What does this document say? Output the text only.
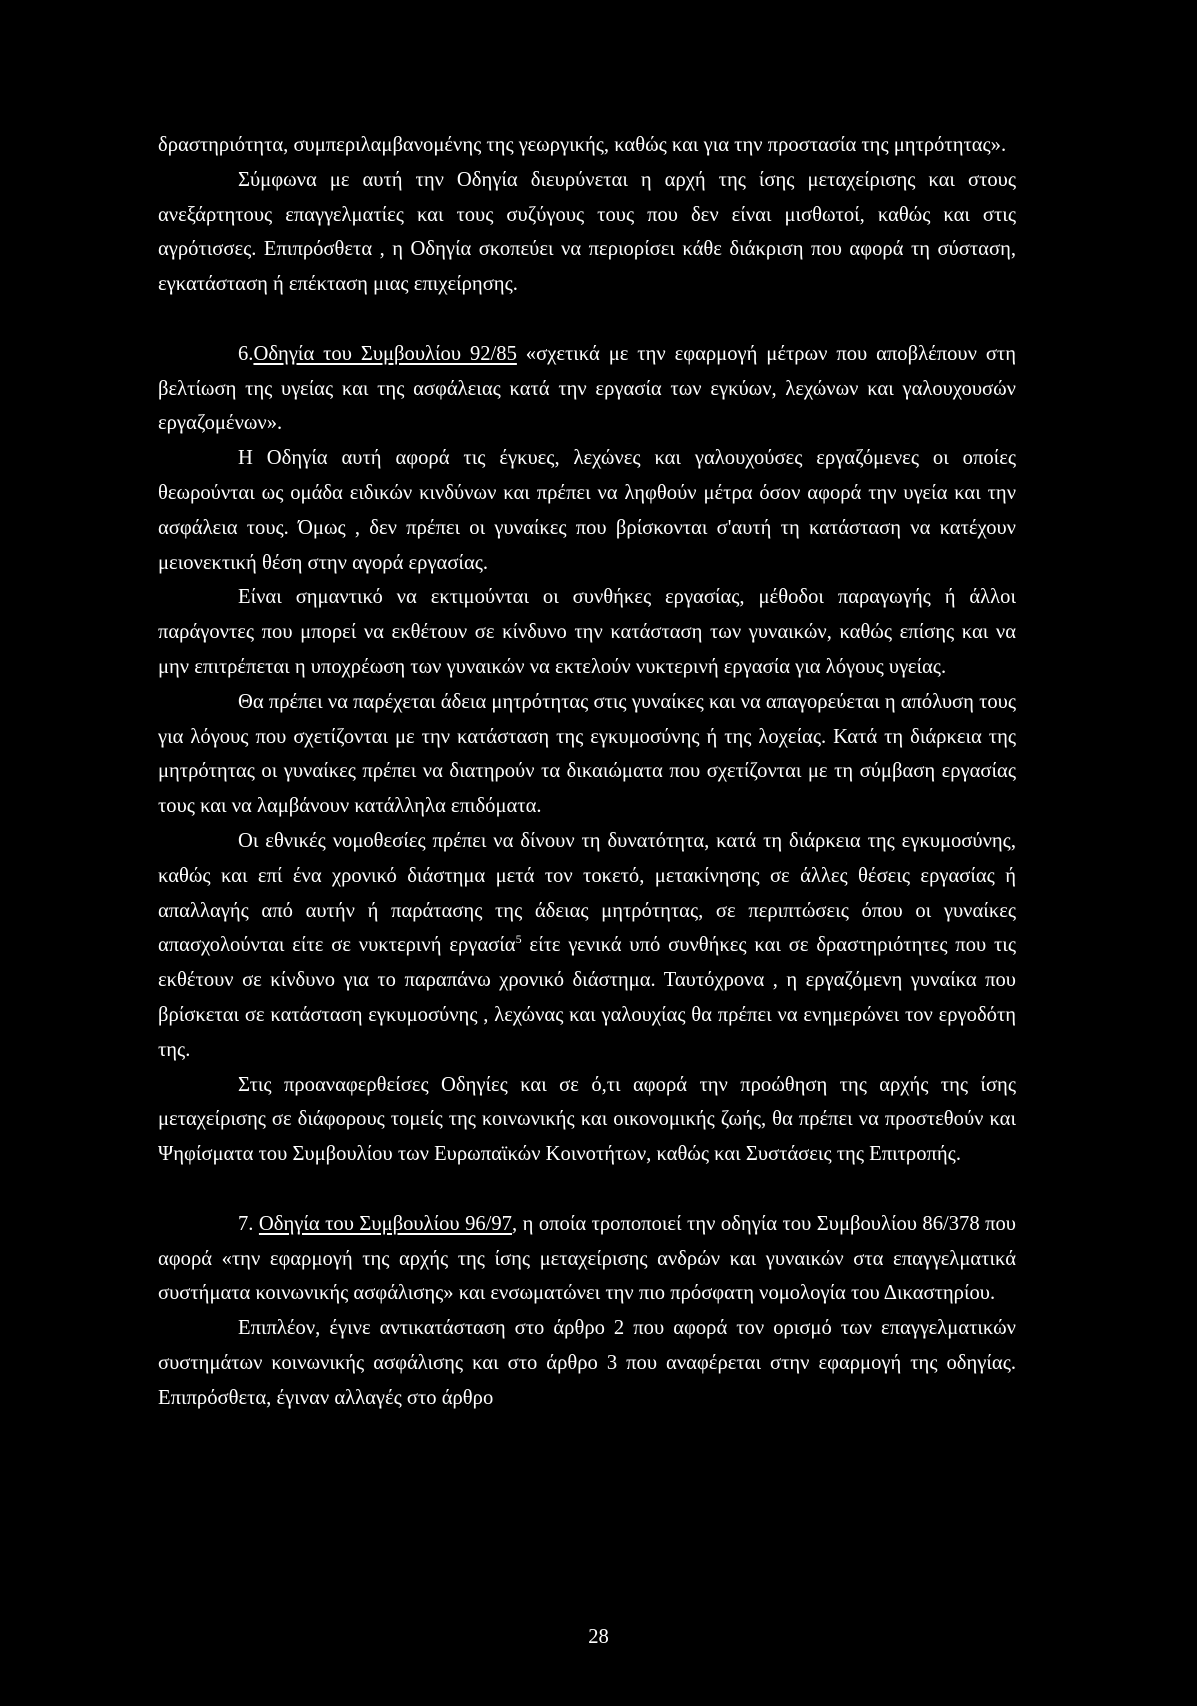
δραστηριότητα, συμπεριλαμβανομένης της γεωργικής, καθώς και για την προστασία της μητρότητας».

Σύμφωνα με αυτή την Οδηγία διευρύνεται η αρχή της ίσης μεταχείρισης και στους ανεξάρτητους επαγγελματίες και τους συζύγους τους που δεν είναι μισθωτοί, καθώς και στις αγρότισσες. Επιπρόσθετα , η Οδηγία σκοπεύει να περιορίσει κάθε διάκριση που αφορά τη σύσταση, εγκατάσταση ή επέκταση μιας επιχείρησης.

6.Οδηγία του Συμβουλίου 92/85 «σχετικά με την εφαρμογή μέτρων που αποβλέπουν στη βελτίωση της υγείας και της ασφάλειας κατά την εργασία των εγκύων, λεχώνων και γαλουχουσών εργαζομένων».

Η Οδηγία αυτή αφορά τις έγκυες, λεχώνες και γαλουχούσες εργαζόμενες οι οποίες θεωρούνται ως ομάδα ειδικών κινδύνων και πρέπει να ληφθούν μέτρα όσον αφορά την υγεία και την ασφάλεια τους. Όμως , δεν πρέπει οι γυναίκες που βρίσκονται σ'αυτή τη κατάσταση να κατέχουν μειονεκτική θέση στην αγορά εργασίας.

Είναι σημαντικό να εκτιμούνται οι συνθήκες εργασίας, μέθοδοι παραγωγής ή άλλοι παράγοντες που μπορεί να εκθέτουν σε κίνδυνο την κατάσταση των γυναικών, καθώς επίσης και να μην επιτρέπεται η υποχρέωση των γυναικών να εκτελούν νυκτερινή εργασία για λόγους υγείας.

Θα πρέπει να παρέχεται άδεια μητρότητας στις γυναίκες και να απαγορεύεται η απόλυση τους για λόγους που σχετίζονται με την κατάσταση της εγκυμοσύνης ή της λοχείας. Κατά τη διάρκεια της μητρότητας οι γυναίκες πρέπει να διατηρούν τα δικαιώματα που σχετίζονται με τη σύμβαση εργασίας τους και να λαμβάνουν κατάλληλα επιδόματα.

Οι εθνικές νομοθεσίες πρέπει να δίνουν τη δυνατότητα, κατά τη διάρκεια της εγκυμοσύνης, καθώς και επί ένα χρονικό διάστημα μετά τον τοκετό, μετακίνησης σε άλλες θέσεις εργασίας ή απαλλαγής από αυτήν ή παράτασης της άδειας μητρότητας, σε περιπτώσεις όπου οι γυναίκες απασχολούνται είτε σε νυκτερινή εργασία$^5$ είτε γενικά υπό συνθήκες και σε δραστηριότητες που τις εκθέτουν σε κίνδυνο για το παραπάνω χρονικό διάστημα. Ταυτόχρονα , η εργαζόμενη γυναίκα που βρίσκεται σε κατάσταση εγκυμοσύνης , λεχώνας και γαλουχίας θα πρέπει να ενημερώνει τον εργοδότη της.

Στις προαναφερθείσες Οδηγίες και σε ό,τι αφορά την προώθηση της αρχής της ίσης μεταχείρισης σε διάφορους τομείς της κοινωνικής και οικονομικής ζωής, θα πρέπει να προστεθούν και Ψηφίσματα του Συμβουλίου των Ευρωπαϊκών Κοινοτήτων, καθώς και Συστάσεις της Επιτροπής.

7. Οδηγία του Συμβουλίου 96/97, η οποία τροποποιεί την οδηγία του Συμβουλίου 86/378 που αφορά «την εφαρμογή της αρχής της ίσης μεταχείρισης ανδρών και γυναικών στα επαγγελματικά συστήματα κοινωνικής ασφάλισης» και ενσωματώνει την πιο πρόσφατη νομολογία του Δικαστηρίου.

Επιπλέον, έγινε αντικατάσταση στο άρθρο 2 που αφορά τον ορισμό των επαγγελματικών συστημάτων κοινωνικής ασφάλισης και στο άρθρο 3 που αναφέρεται στην εφαρμογή της οδηγίας. Επιπρόσθετα, έγιναν αλλαγές στο άρθρο

28
